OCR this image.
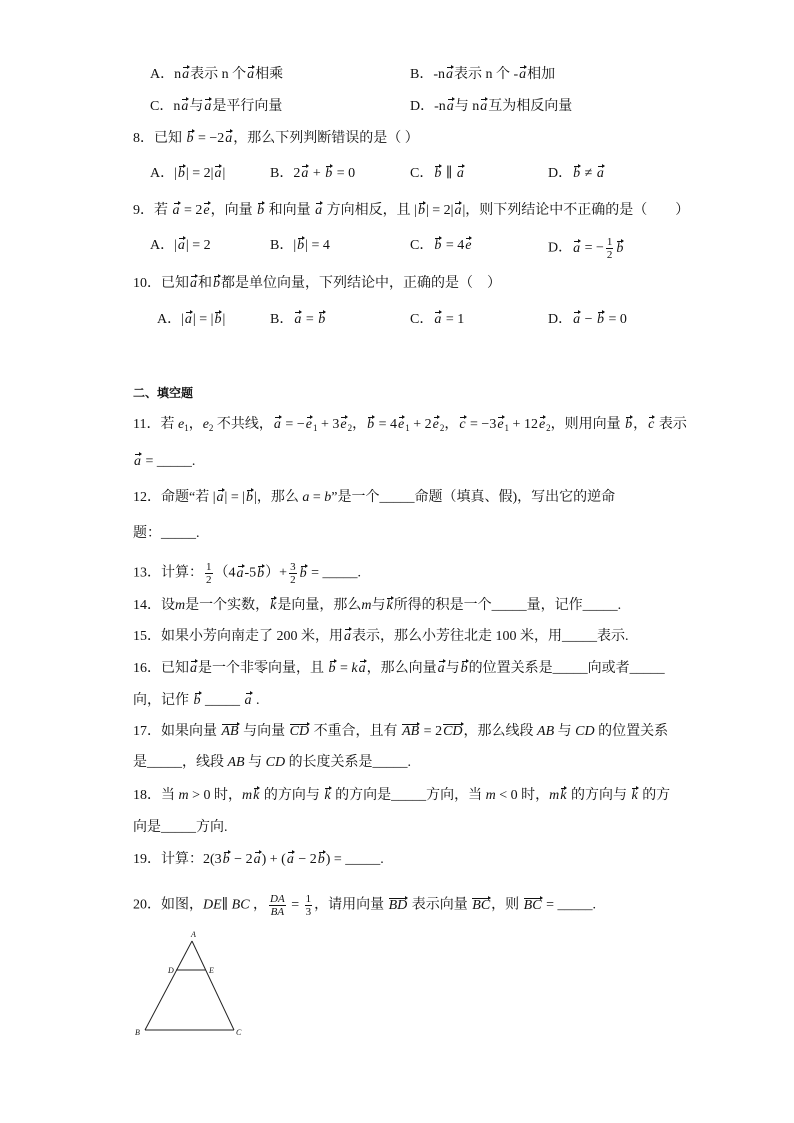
A．na表示 n 个a相乘	B．-na表示 n 个 -a相加
C．na与a是平行向量	D．-na与 na互为相反向量
8．已知 b = −2a，那么下列判断错误的是（ ）
A．|b| = 2|a|	B．2a + b = 0	C．b ∥ a	D．b ≠ a
9．若 a = 2e，向量 b 和向量 a 方向相反，且 |b| = 2|a|，则下列结论中不正确的是（　　）
A．|a| = 2	B．|b| = 4	C．b = 4e	D．a = − $\frac{1}{2}$ b
10．已知a和b都是单位向量，下列结论中，正确的是（　）
A．|a| = |b|	B．a = b	C．a = 1	D．a − b = 0
二、填空题
11．若 $e_1$，$e_2$ 不共线，$a = -e_1 + 3e_2$，$b = 4e_1 + 2e_2$，$c = -3e_1 + 12e_2$，则用向量 b，c 表示
a = _____.
12．命题“若 |a| = |b|，那么 a = b”是一个_____命题（填真、假)，写出它的逆命
题：_____.
13．计算： $\frac{1}{2} (4a-5b)+ \frac{3}{2}$ b = _____.
14．设m是一个实数，k是向量，那么m与k所得的积是一个_____量，记作_____.
15．如果小芳向南走了 200 米，用a表示，那么小芳往北走 100 米，用_____表示.
16．已知a是一个非零向量，且 b = ka，那么向量a与b的位置关系是_____向或者_____
向，记作 b _____ a .
17．如果向量 AB 与向量 CD 不重合，且有 AB = 2CD，那么线段 AB 与 CD 的位置关系
是_____，线段 AB 与 CD 的长度关系是_____.
18．当 m > 0 时，mk 的方向与 k 的方向是_____方向，当 m < 0 时，mk 的方向与 k 的方
向是_____方向.
19．计算：2(3b − 2a) + (a − 2b) = _____.
20．如图，DE∥ BC ， $\frac{DA}{BA} = \frac{1}{3}$ ，请用向量 BD 表示向量 BC，则 BC = _____.
A
D	E
B	C
